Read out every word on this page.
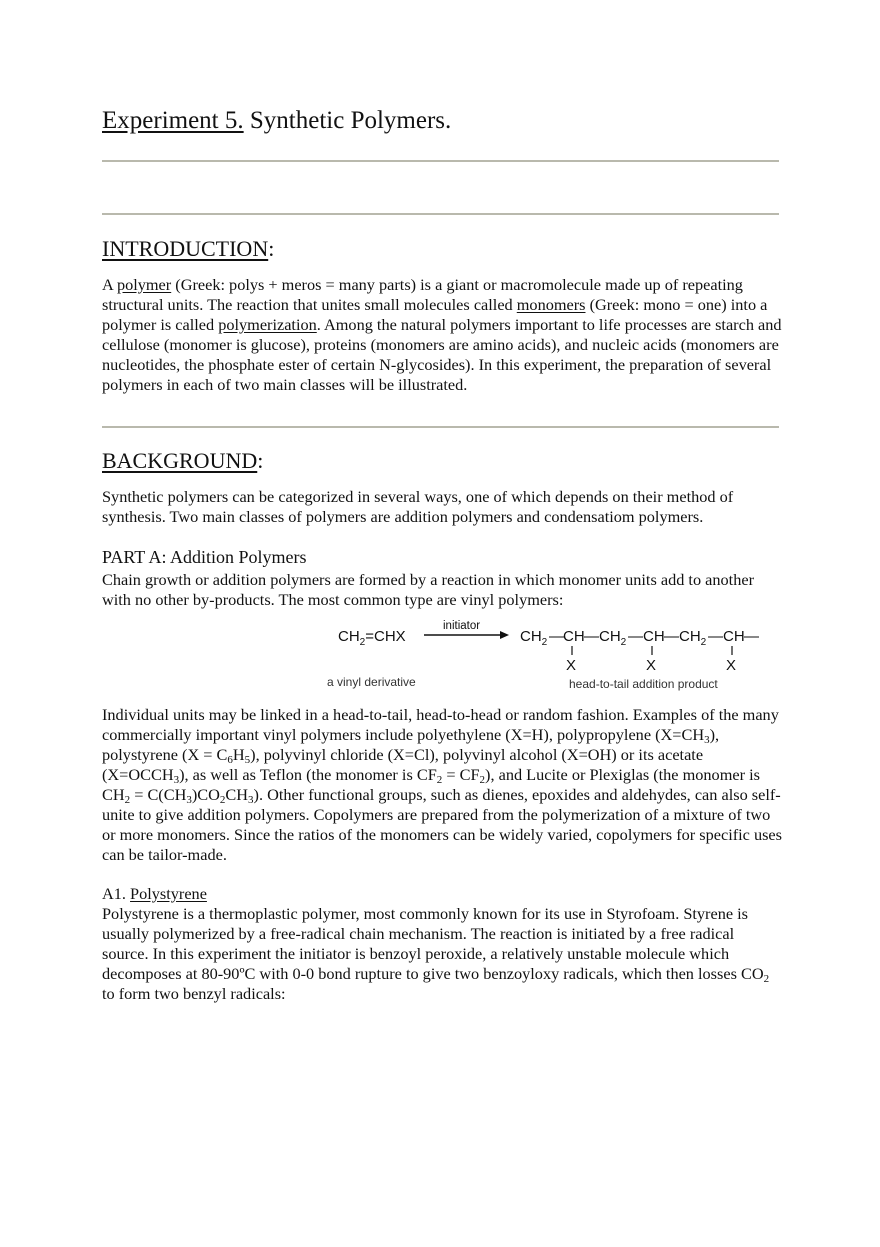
Experiment 5. Synthetic Polymers.
INTRODUCTION:
A polymer (Greek: polys + meros = many parts) is a giant or macromolecule made up of repeating structural units. The reaction that unites small molecules called monomers (Greek: mono = one) into a polymer is called polymerization. Among the natural polymers important to life processes are starch and cellulose (monomer is glucose), proteins (monomers are amino acids), and nucleic acids (monomers are nucleotides, the phosphate ester of certain N-glycosides). In this experiment, the preparation of several polymers in each of two main classes will be illustrated.
BACKGROUND:
Synthetic polymers can be categorized in several ways, one of which depends on their method of synthesis. Two main classes of polymers are addition polymers and condensatiom polymers.
PART A: Addition Polymers
Chain growth or addition polymers are formed by a reaction in which monomer units add to another with no other by-products. The most common type are vinyl polymers:
$CH_2=CHX$
initiator
$CH_2$ — CH — $CH_2$ — CH — $CH_2$ — CH —
X	X	X
a vinyl derivative	head-to-tail addition product
Individual units may be linked in a head-to-tail, head-to-head or random fashion. Examples of the many commercially important vinyl polymers include polyethylene (X=H), polypropylene $(X=CH_3)$, polystyrene $(X = C_6H_5)$, polyvinyl chloride (X=Cl), polyvinyl alcohol (X=OH) or its acetate $(X=OCCH_3)$, as well as Teflon (the monomer is $CF_2 = CF_2$), and Lucite or Plexiglas (the monomer is $CH_2 = C(CH_3)CO_2CH_3$). Other functional groups, such as dienes, epoxides and aldehydes, can also self-unite to give addition polymers. Copolymers are prepared from the polymerization of a mixture of two or more monomers. Since the ratios of the monomers can be widely varied, copolymers for specific uses can be tailor-made.
A1. Polystyrene
Polystyrene is a thermoplastic polymer, most commonly known for its use in Styrofoam. Styrene is usually polymerized by a free-radical chain mechanism. The reaction is initiated by a free radical source. In this experiment the initiator is benzoyl peroxide, a relatively unstable molecule which decomposes at 80-90ºC with 0-0 bond rupture to give two benzoyloxy radicals, which then losses $CO_2$ to form two benzyl radicals:
